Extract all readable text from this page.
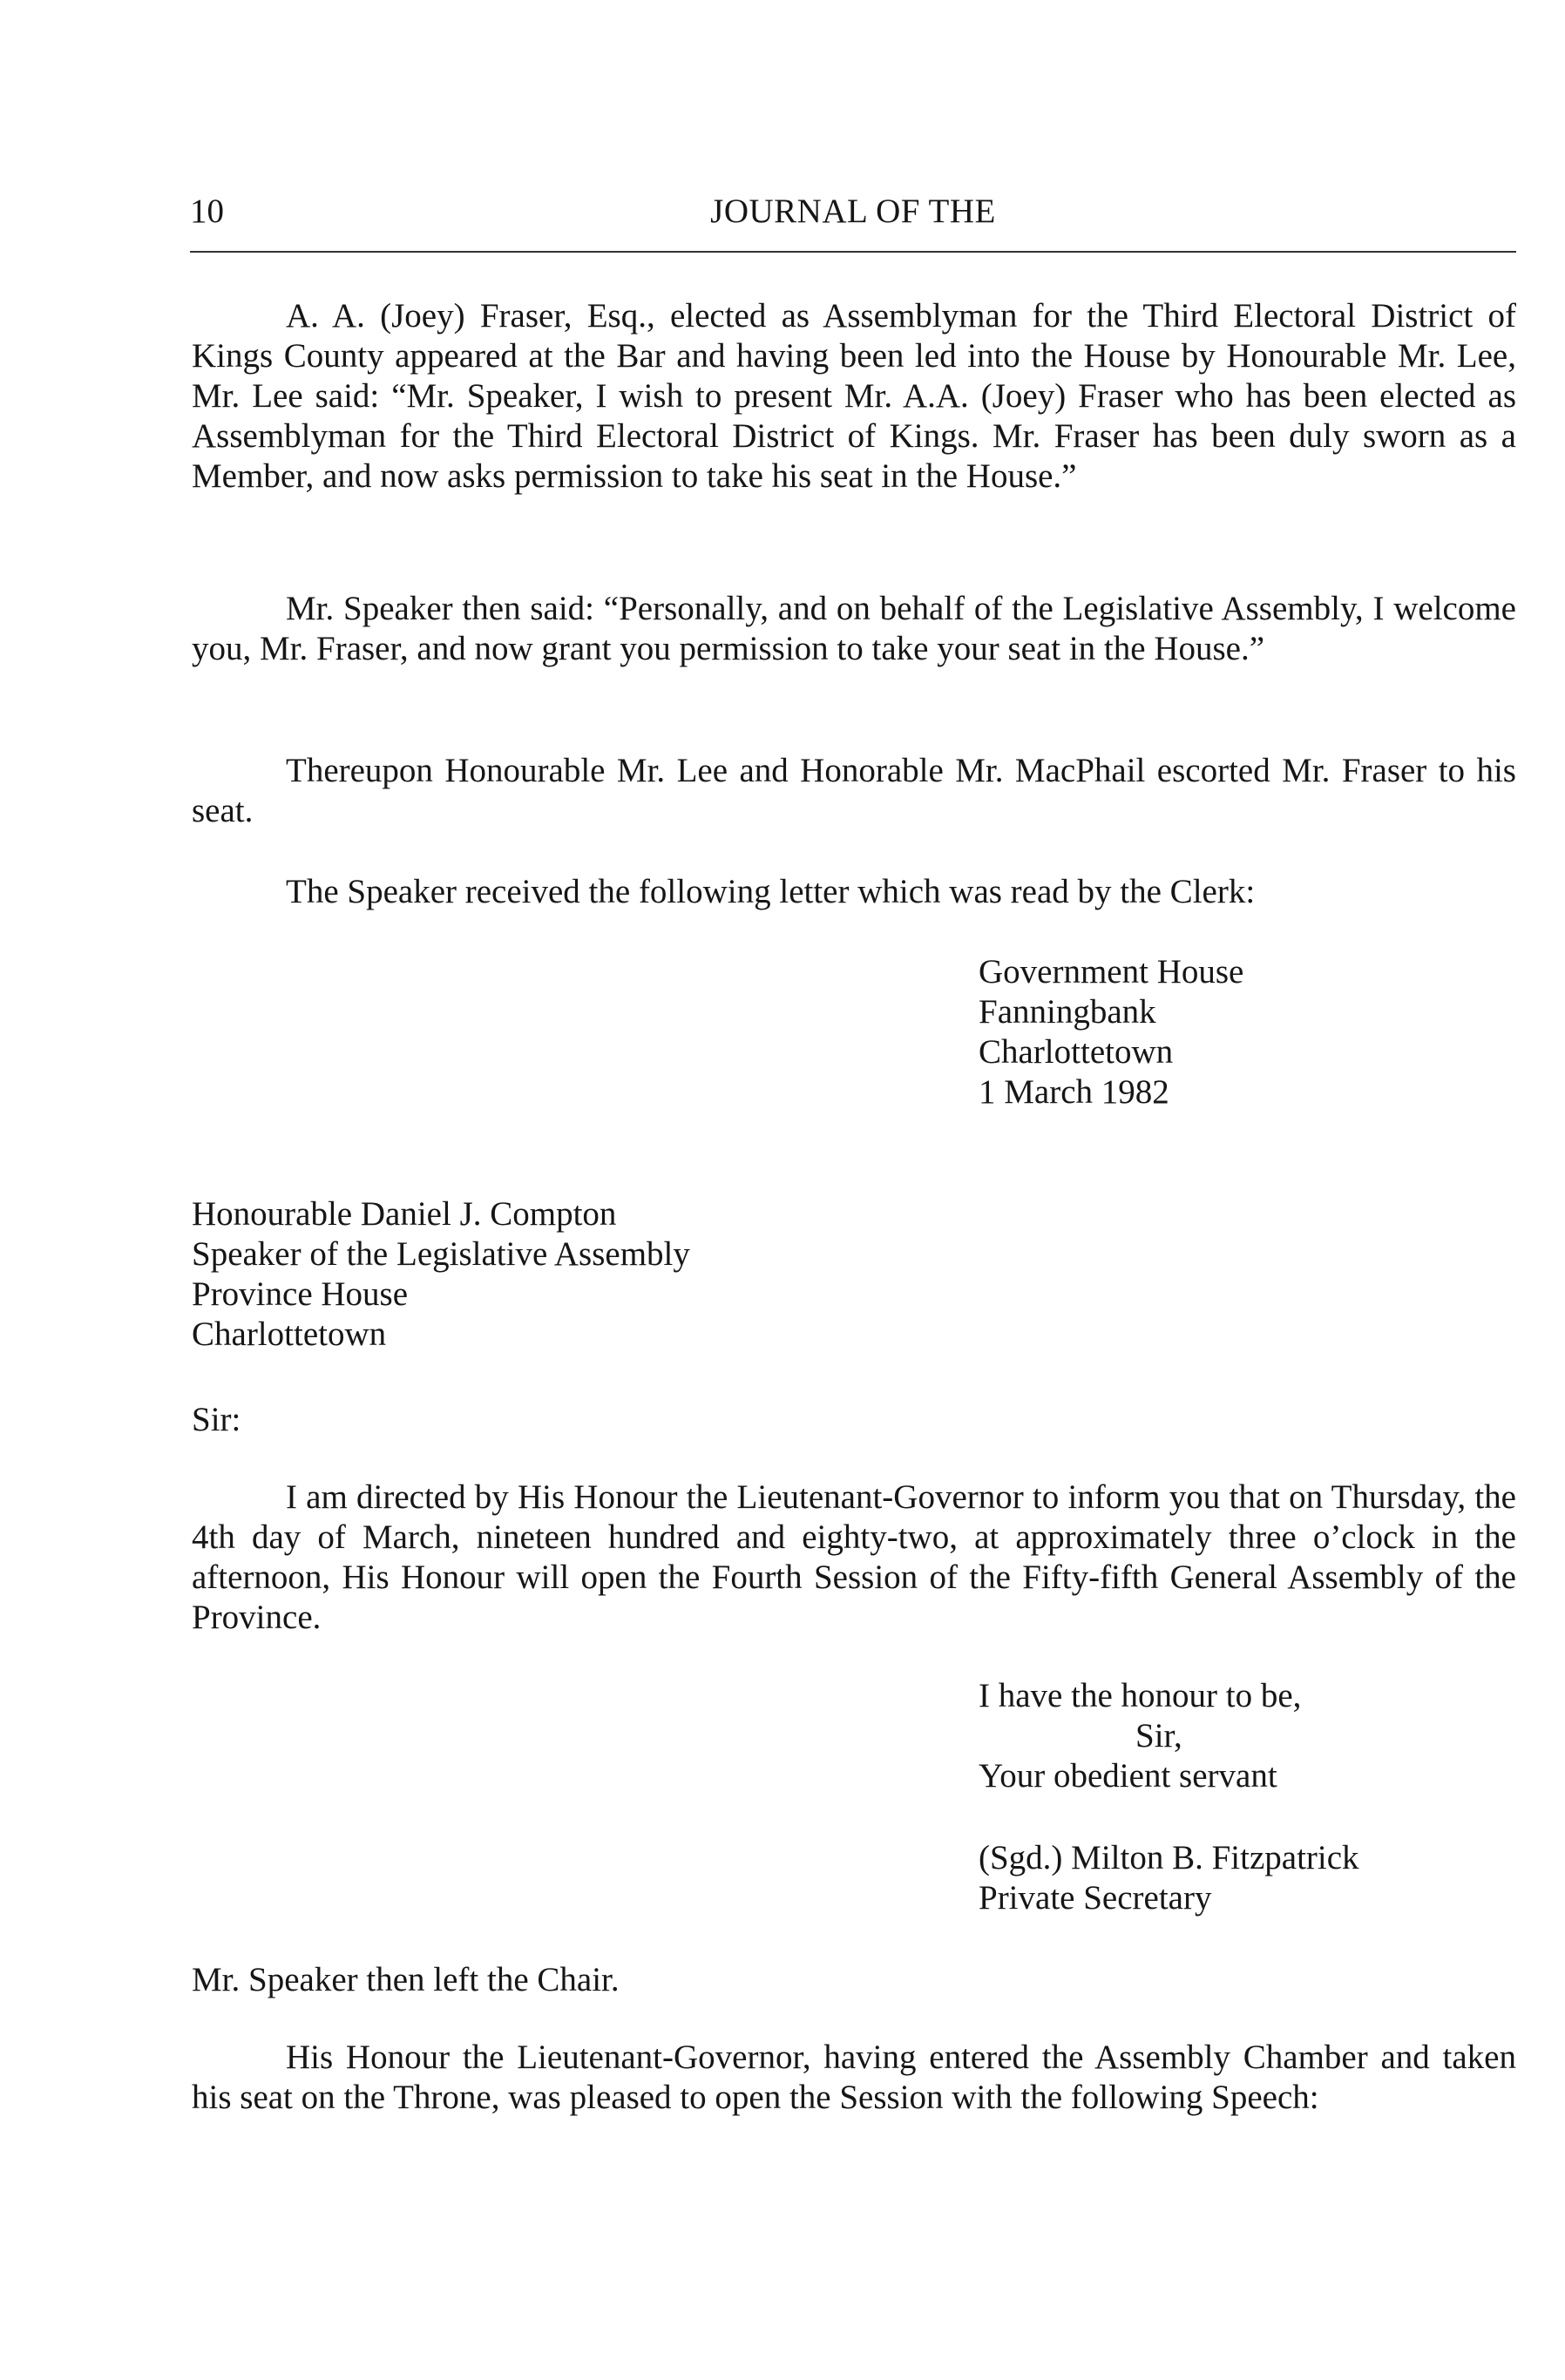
10	JOURNAL OF THE

A. A. (Joey) Fraser, Esq., elected as Assemblyman for the Third Electoral District of Kings County appeared at the Bar and having been led into the House by Honourable Mr. Lee, Mr. Lee said: “Mr. Speaker, I wish to present Mr. A.A. (Joey) Fraser who has been elected as Assemblyman for the Third Electoral District of Kings. Mr. Fraser has been duly sworn as a Member, and now asks permission to take his seat in the House.”

Mr. Speaker then said: “Personally, and on behalf of the Legislative Assembly, I welcome you, Mr. Fraser, and now grant you permission to take your seat in the House.”

Thereupon Honourable Mr. Lee and Honorable Mr. MacPhail escorted Mr. Fraser to his seat.

The Speaker received the following letter which was read by the Clerk:

Government House
Fanningbank
Charlottetown
1 March 1982
Honourable Daniel J. Compton
Speaker of the Legislative Assembly
Province House
Charlottetown
Sir:

I am directed by His Honour the Lieutenant-Governor to inform you that on Thursday, the 4th day of March, nineteen hundred and eighty-two, at approximately three o’clock in the afternoon, His Honour will open the Fourth Session of the Fifty-fifth General Assembly of the Province.

I have the honour to be,
Sir,
Your obedient servant
(Sgd.) Milton B. Fitzpatrick
Private Secretary
Mr. Speaker then left the Chair.

His Honour the Lieutenant-Governor, having entered the Assembly Chamber and taken his seat on the Throne, was pleased to open the Session with the following Speech:
